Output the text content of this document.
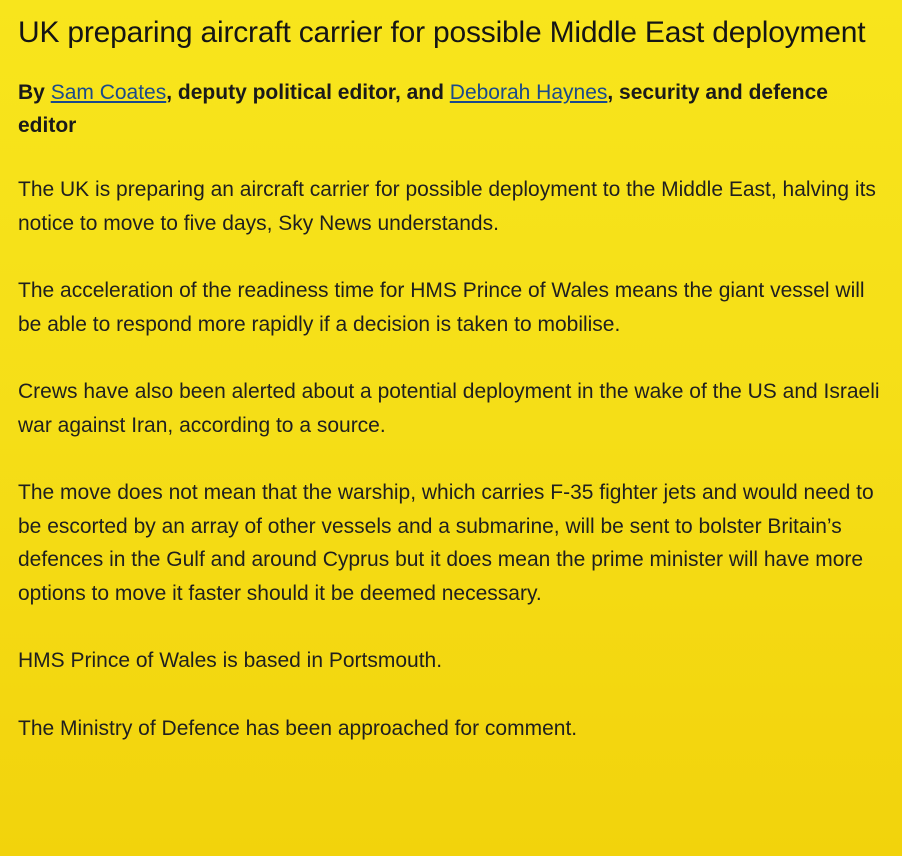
UK preparing aircraft carrier for possible Middle East deployment

By Sam Coates, deputy political editor, and Deborah Haynes, security and defence editor

The UK is preparing an aircraft carrier for possible deployment to the Middle East, halving its notice to move to five days, Sky News understands.

The acceleration of the readiness time for HMS Prince of Wales means the giant vessel will be able to respond more rapidly if a decision is taken to mobilise.

Crews have also been alerted about a potential deployment in the wake of the US and Israeli war against Iran, according to a source.

The move does not mean that the warship, which carries F-35 fighter jets and would need to be escorted by an array of other vessels and a submarine, will be sent to bolster Britain’s defences in the Gulf and around Cyprus but it does mean the prime minister will have more options to move it faster should it be deemed necessary.

HMS Prince of Wales is based in Portsmouth.

The Ministry of Defence has been approached for comment.
